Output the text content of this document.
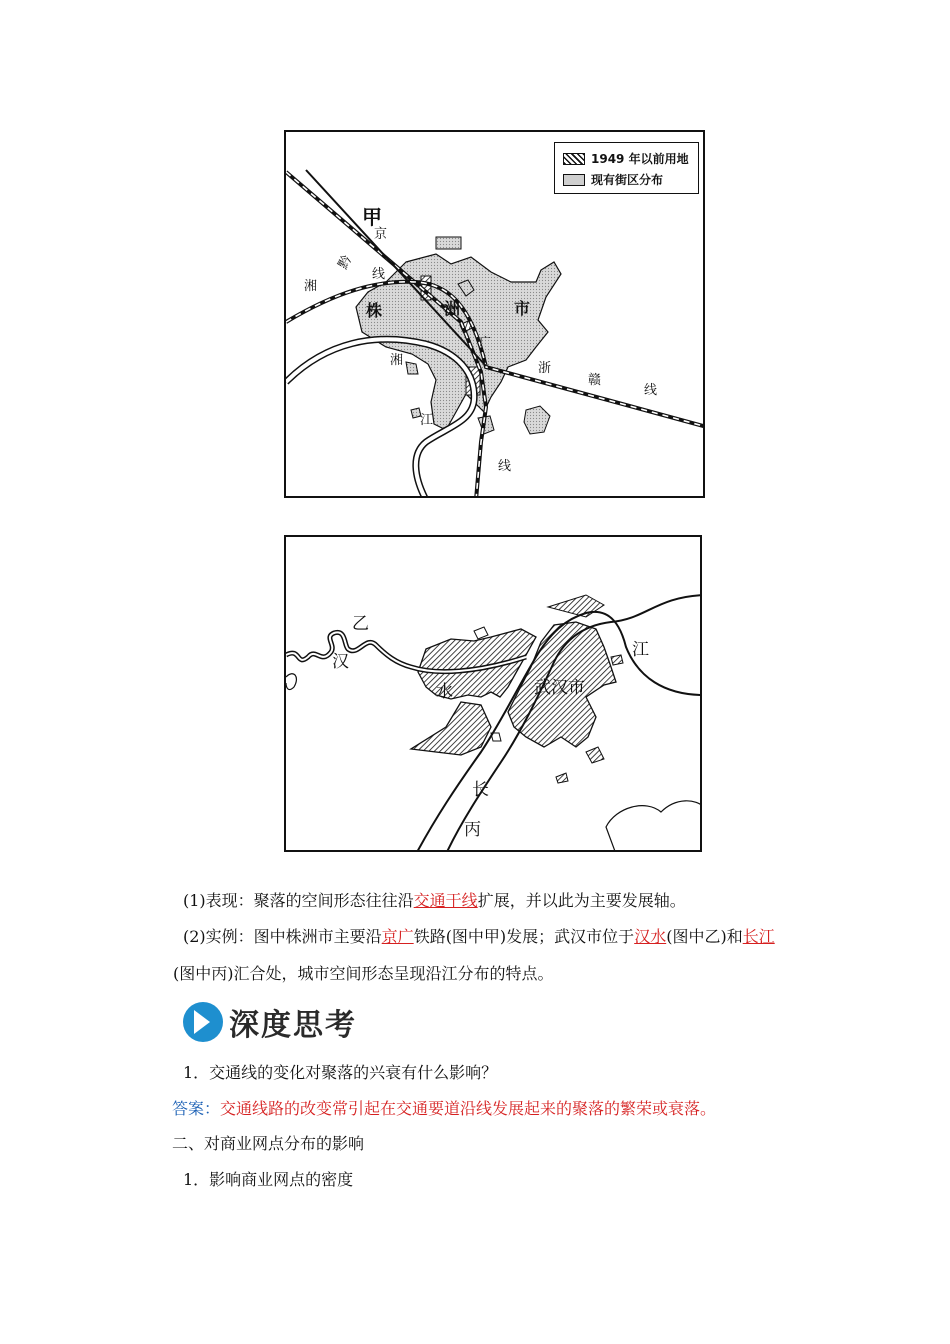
甲
京
黔
线
湘
株	洲	市
广
湘
江
浙
赣
线
线
1949 年以前用地
现有街区分布
乙
汉
水	武汉市
江
长
丙
(1)表现：聚落的空间形态往往沿交通干线扩展，并以此为主要发展轴。
(2)实例：图中株洲市主要沿京广铁路(图中甲)发展；武汉市位于汉水(图中乙)和长江
(图中丙)汇合处，城市空间形态呈现沿江分布的特点。
深度思考
1．交通线的变化对聚落的兴衰有什么影响？
答案：交通线路的改变常引起在交通要道沿线发展起来的聚落的繁荣或衰落。
二、对商业网点分布的影响
1．影响商业网点的密度
